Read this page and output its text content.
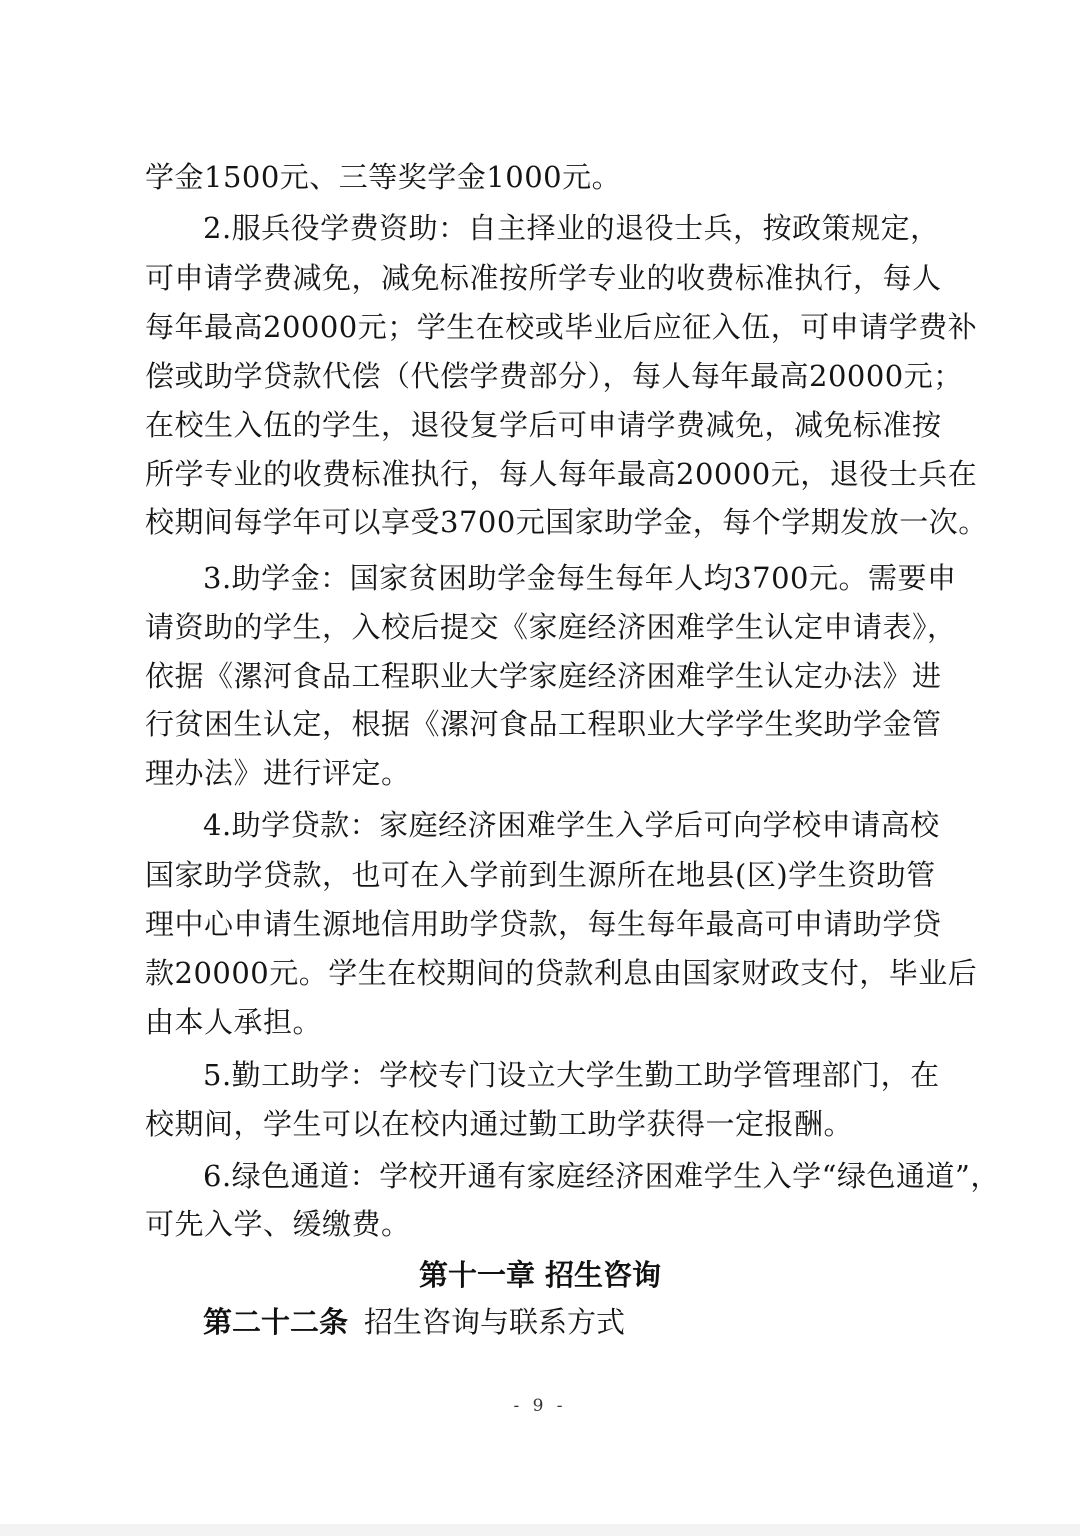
学金1500元、三等奖学金1000元。

2.服兵役学费资助：自主择业的退役士兵，按政策规定，

可申请学费减免，减免标准按所学专业的收费标准执行，每人

每年最高20000元；学生在校或毕业后应征入伍，可申请学费补

偿或助学贷款代偿（代偿学费部分），每人每年最高20000元；

在校生入伍的学生，退役复学后可申请学费减免，减免标准按

所学专业的收费标准执行，每人每年最高20000元，退役士兵在

校期间每学年可以享受3700元国家助学金，每个学期发放一次。

3.助学金：国家贫困助学金每生每年人均3700元。需要申

请资助的学生，入校后提交《家庭经济困难学生认定申请表》，

依据《漯河食品工程职业大学家庭经济困难学生认定办法》进

行贫困生认定，根据《漯河食品工程职业大学学生奖助学金管

理办法》进行评定。

4.助学贷款：家庭经济困难学生入学后可向学校申请高校

国家助学贷款，也可在入学前到生源所在地县(区)学生资助管

理中心申请生源地信用助学贷款，每生每年最高可申请助学贷

款20000元。学生在校期间的贷款利息由国家财政支付，毕业后

由本人承担。

5.勤工助学：学校专门设立大学生勤工助学管理部门，在

校期间，学生可以在校内通过勤工助学获得一定报酬。

6.绿色通道：学校开通有家庭经济困难学生入学“绿色通道”，

可先入学、缓缴费。

第十一章 招生咨询

第二十二条 招生咨询与联系方式

- 9 -
